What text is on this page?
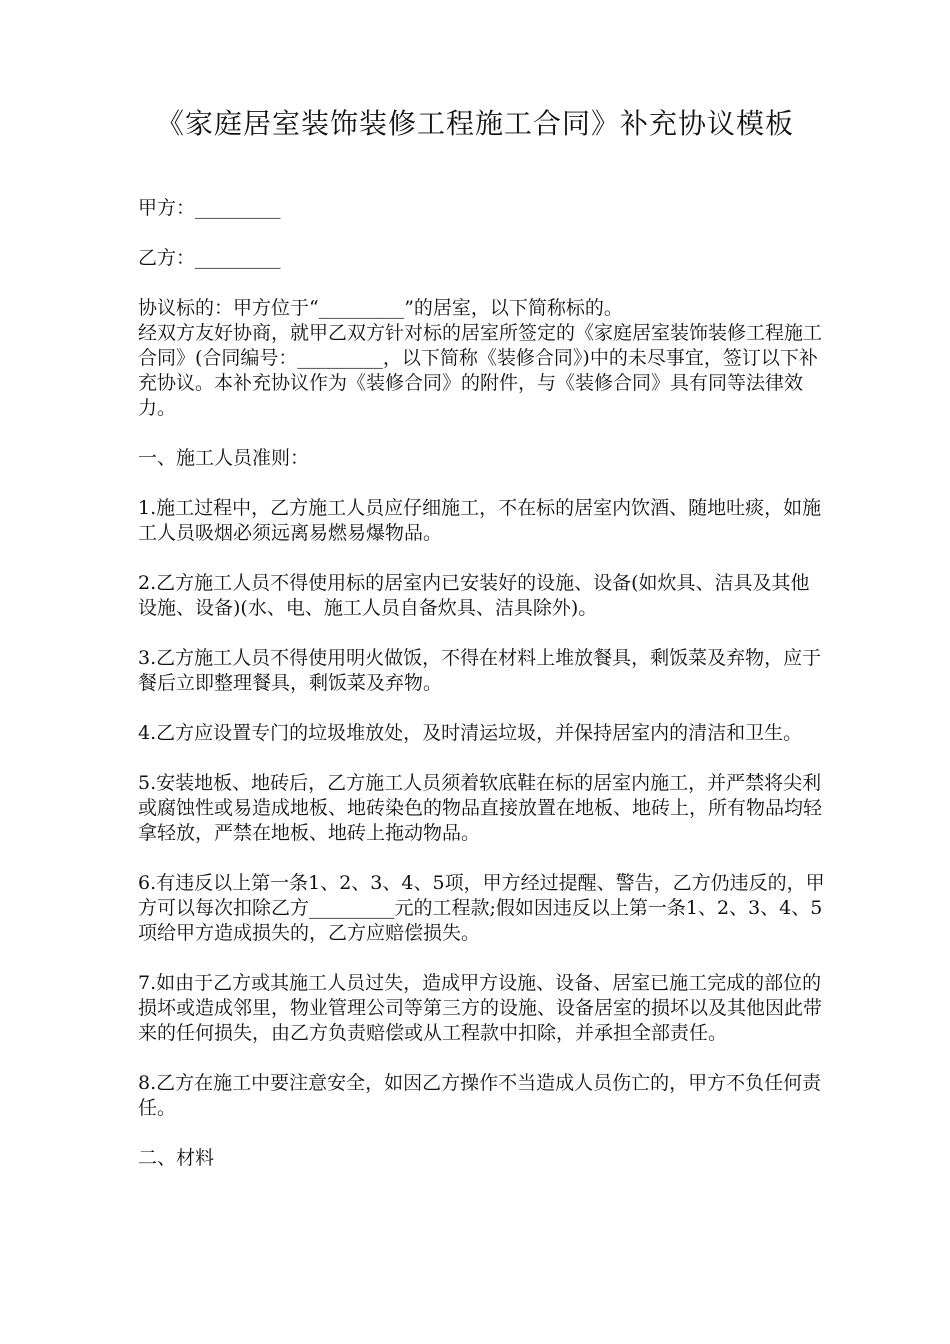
《家庭居室装饰装修工程施工合同》补充协议模板

甲方：_________

乙方：_________

协议标的：甲方位于“_________”的居室，以下简称标的。

经双方友好协商，就甲乙双方针对标的居室所签定的《家庭居室装饰装修工程施工合同》(合同编号：_________，以下简称《装修合同》)中的未尽事宜，签订以下补充协议。本补充协议作为《装修合同》的附件，与《装修合同》具有同等法律效力。

一、施工人员准则：

1.施工过程中，乙方施工人员应仔细施工，不在标的居室内饮酒、随地吐痰，如施工人员吸烟必须远离易燃易爆物品。

2.乙方施工人员不得使用标的居室内已安装好的设施、设备(如炊具、洁具及其他设施、设备)(水、电、施工人员自备炊具、洁具除外)。

3.乙方施工人员不得使用明火做饭，不得在材料上堆放餐具，剩饭菜及弃物，应于餐后立即整理餐具，剩饭菜及弃物。

4.乙方应设置专门的垃圾堆放处，及时清运垃圾，并保持居室内的清洁和卫生。

5.安装地板、地砖后，乙方施工人员须着软底鞋在标的居室内施工，并严禁将尖利或腐蚀性或易造成地板、地砖染色的物品直接放置在地板、地砖上，所有物品均轻拿轻放，严禁在地板、地砖上拖动物品。

6.有违反以上第一条1、2、3、4、5项，甲方经过提醒、警告，乙方仍违反的，甲方可以每次扣除乙方_________元的工程款;假如因违反以上第一条1、2、3、4、5项给甲方造成损失的，乙方应赔偿损失。

7.如由于乙方或其施工人员过失，造成甲方设施、设备、居室已施工完成的部位的损坏或造成邻里，物业管理公司等第三方的设施、设备居室的损坏以及其他因此带来的任何损失，由乙方负责赔偿或从工程款中扣除，并承担全部责任。

8.乙方在施工中要注意安全，如因乙方操作不当造成人员伤亡的，甲方不负任何责任。

二、材料
